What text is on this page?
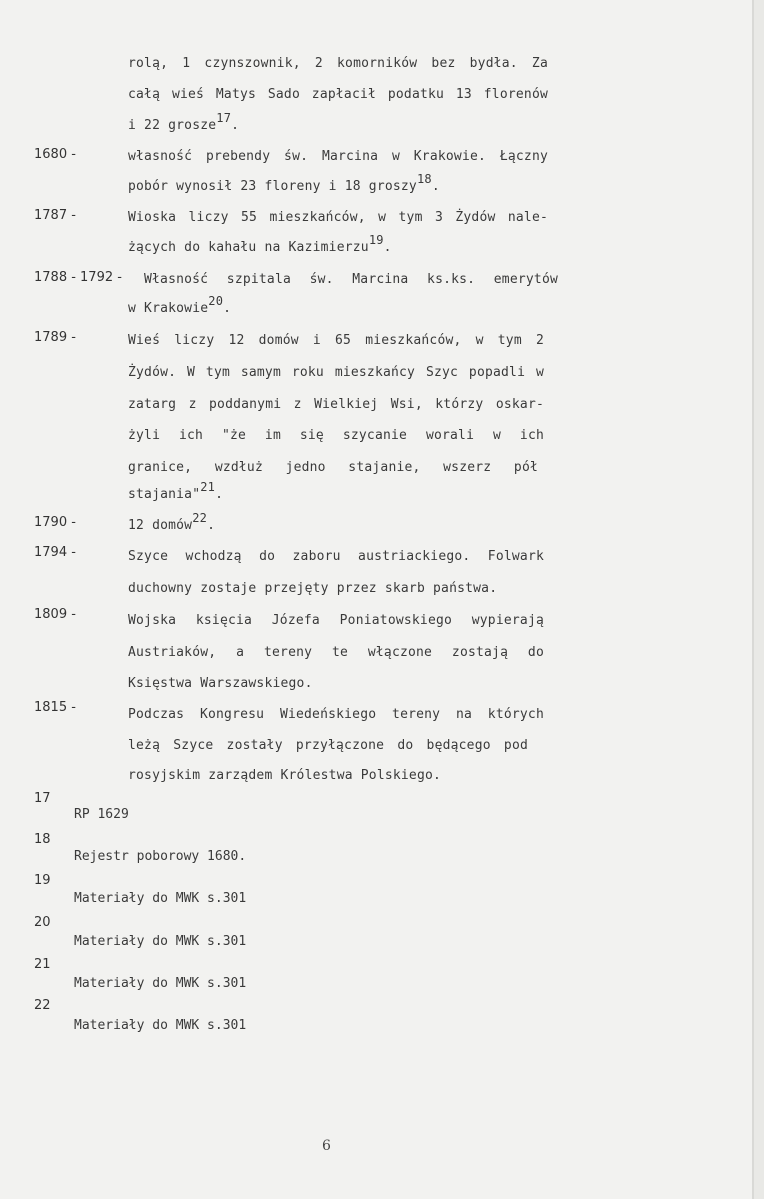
rolą, 1 czynszownik, 2 komorników bez bydła. Za
całą wieś Matys Sado zapłacił podatku 13 florenów
i 22 grosze$^{17}$.
1680 -	własność prebendy św. Marcina w Krakowie. Łączny
pobór wynosił 23 floreny i 18 groszy$^{18}$.
1787 -	Wioska liczy 55 mieszkańców, w tym 3 Żydów nale-
żących do kahału na Kazimierzu$^{19}$.
1788 - 1792 - Własność szpitala św. Marcina ks.ks. emerytów
w Krakowie$^{20}$.
1789 -	Wieś liczy 12 domów i 65 mieszkańców, w tym 2
Żydów. W tym samym roku mieszkańcy Szyc popadli w
zatarg z poddanymi z Wielkiej Wsi, którzy oskar-
żyli ich "że im się szycanie worali w ich
granice, wzdłuż jedno stajanie, wszerz pół
stajania"$^{21}$.
1790 -	12 domów$^{22}$.
1794 -	Szyce wchodzą do zaboru austriackiego. Folwark
duchowny zostaje przejęty przez skarb państwa.
1809 -	Wojska księcia Józefa Poniatowskiego wypierają
Austriaków, a tereny te włączone zostają do
Księstwa Warszawskiego.
1815 -	Podczas Kongresu Wiedeńskiego tereny na których
leżą Szyce zostały przyłączone do będącego pod
rosyjskim zarządem Królestwa Polskiego.
17
RP 1629
18
Rejestr poborowy 1680.
19
Materiały do MWK s.301
20
Materiały do MWK s.301
21
Materiały do MWK s.301
22
Materiały do MWK s.301
6
